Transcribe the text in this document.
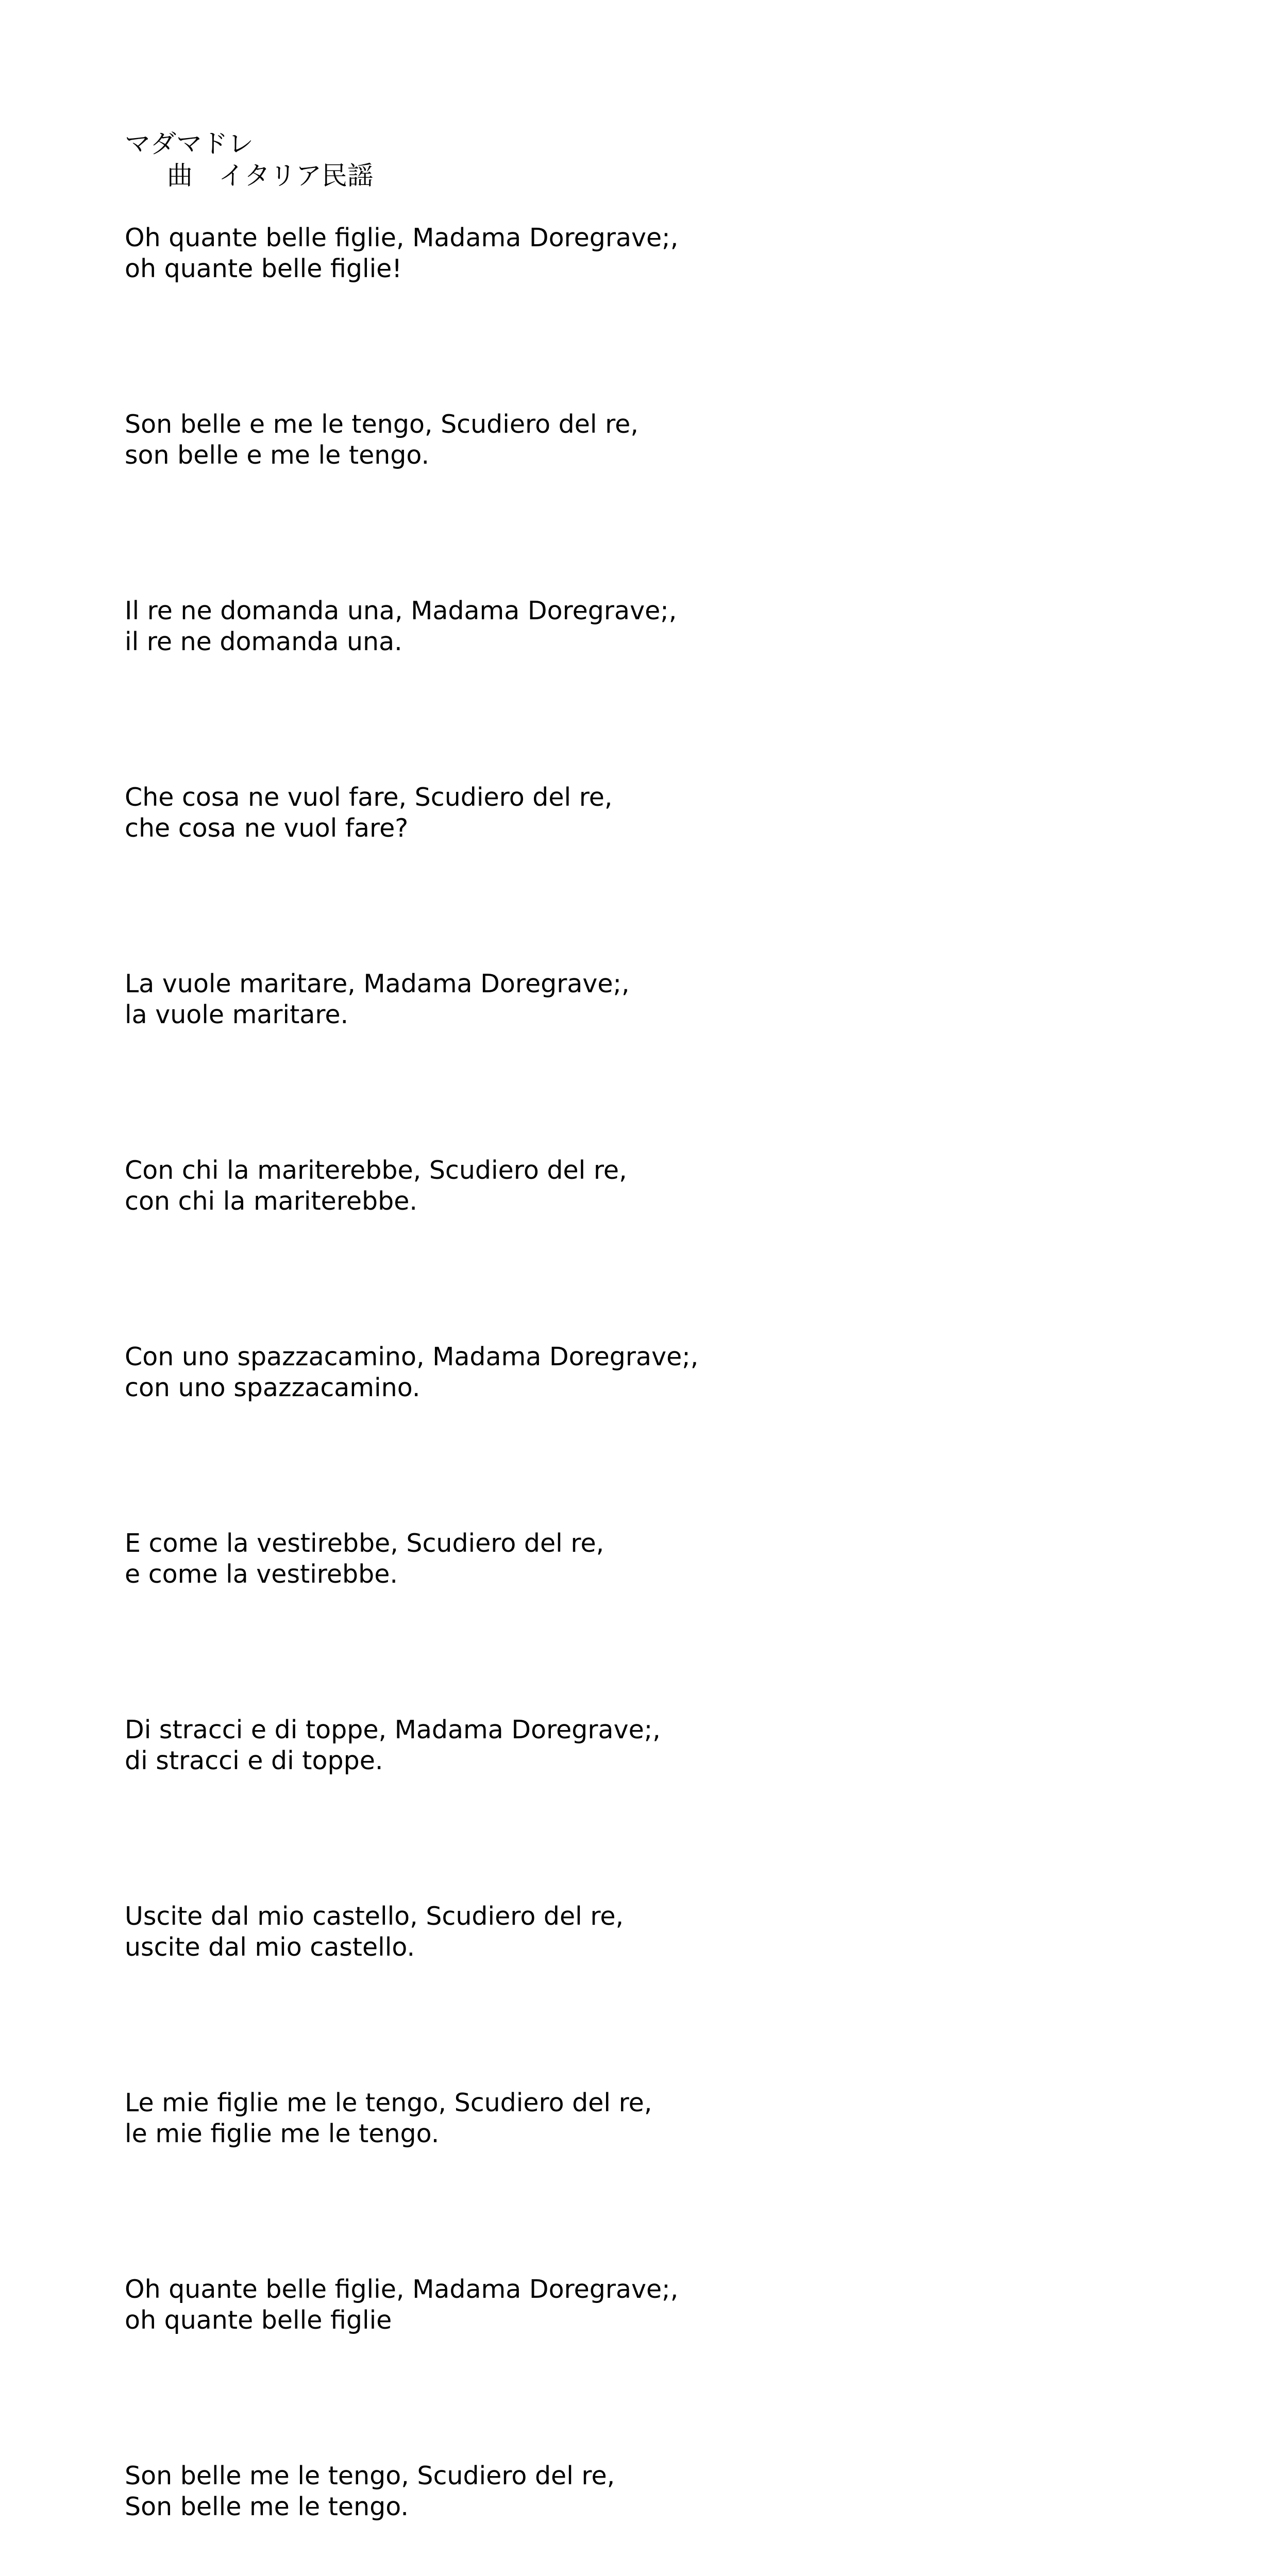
マダマドレ
曲　イタリア民謡
Oh quante belle figlie, Madama Doregrave;,
oh quante belle figlie!
Son belle e me le tengo, Scudiero del re,
son belle e me le tengo.
Il re ne domanda una, Madama Doregrave;,
il re ne domanda una.
Che cosa ne vuol fare, Scudiero del re,
che cosa ne vuol fare?
La vuole maritare, Madama Doregrave;,
la vuole maritare.
Con chi la mariterebbe, Scudiero del re,
con chi la mariterebbe.
Con uno spazzacamino, Madama Doregrave;,
con uno spazzacamino.
E come la vestirebbe, Scudiero del re,
e come la vestirebbe.
Di stracci e di toppe, Madama Doregrave;,
di stracci e di toppe.
Uscite dal mio castello, Scudiero del re,
uscite dal mio castello.
Le mie figlie me le tengo, Scudiero del re,
le mie figlie me le tengo.
Oh quante belle figlie, Madama Doregrave;,
oh quante belle figlie
Son belle me le tengo, Scudiero del re,
Son belle me le tengo.
